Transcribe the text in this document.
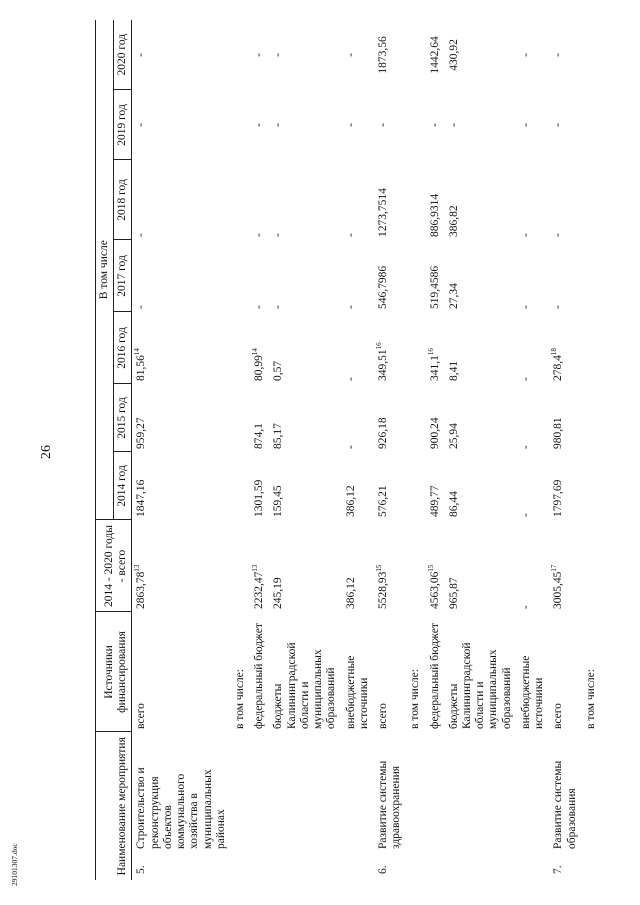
26
29101307.doc	Наименование мероприятия		Источники финансирования	2014 - 2020 годы - всего	В том числе						
				2014 год	2015 год	2016 год	2017 год	2018 год	2019 год	2020 год
5.	Строительство и реконструкция объектов коммунального хозяйства в муниципальных районах	всего	2863,78$^{13}$	1847,16	959,27	81,56$^{14}$	-	-	-	-
		в том числе:								
		федеральный бюджет	2232,47$^{13}$	1301,59	874,1	80,99$^{14}$	-	-	-	-
		бюджеты Калининградской области и муниципальных образований	245,19	159,45	85,17	0,57	-	-	-	-
		внебюджетные источники	386,12	386,12	-	-	-	-	-	-
6.	Развитие системы здравоохранения	всего	5528,93$^{15}$	576,21	926,18	349,51$^{16}$	546,7986	1273,7514	-	1873,56
		в том числе:								
		федеральный бюджет	4563,06$^{15}$	489,77	900,24	341,1$^{16}$	519,4586	886,9314	-	1442,64
		бюджеты Калининградской области и муниципальных образований	965,87	86,44	25,94	8,41	27,34	386,82	-	430,92
		внебюджетные источники	-	-	-	-	-	-	-	-
7.	Развитие системы образования	всего	3005,45$^{17}$	1797,69	980,81	278,4$^{18}$	-	-	-	-
		в том числе:								
